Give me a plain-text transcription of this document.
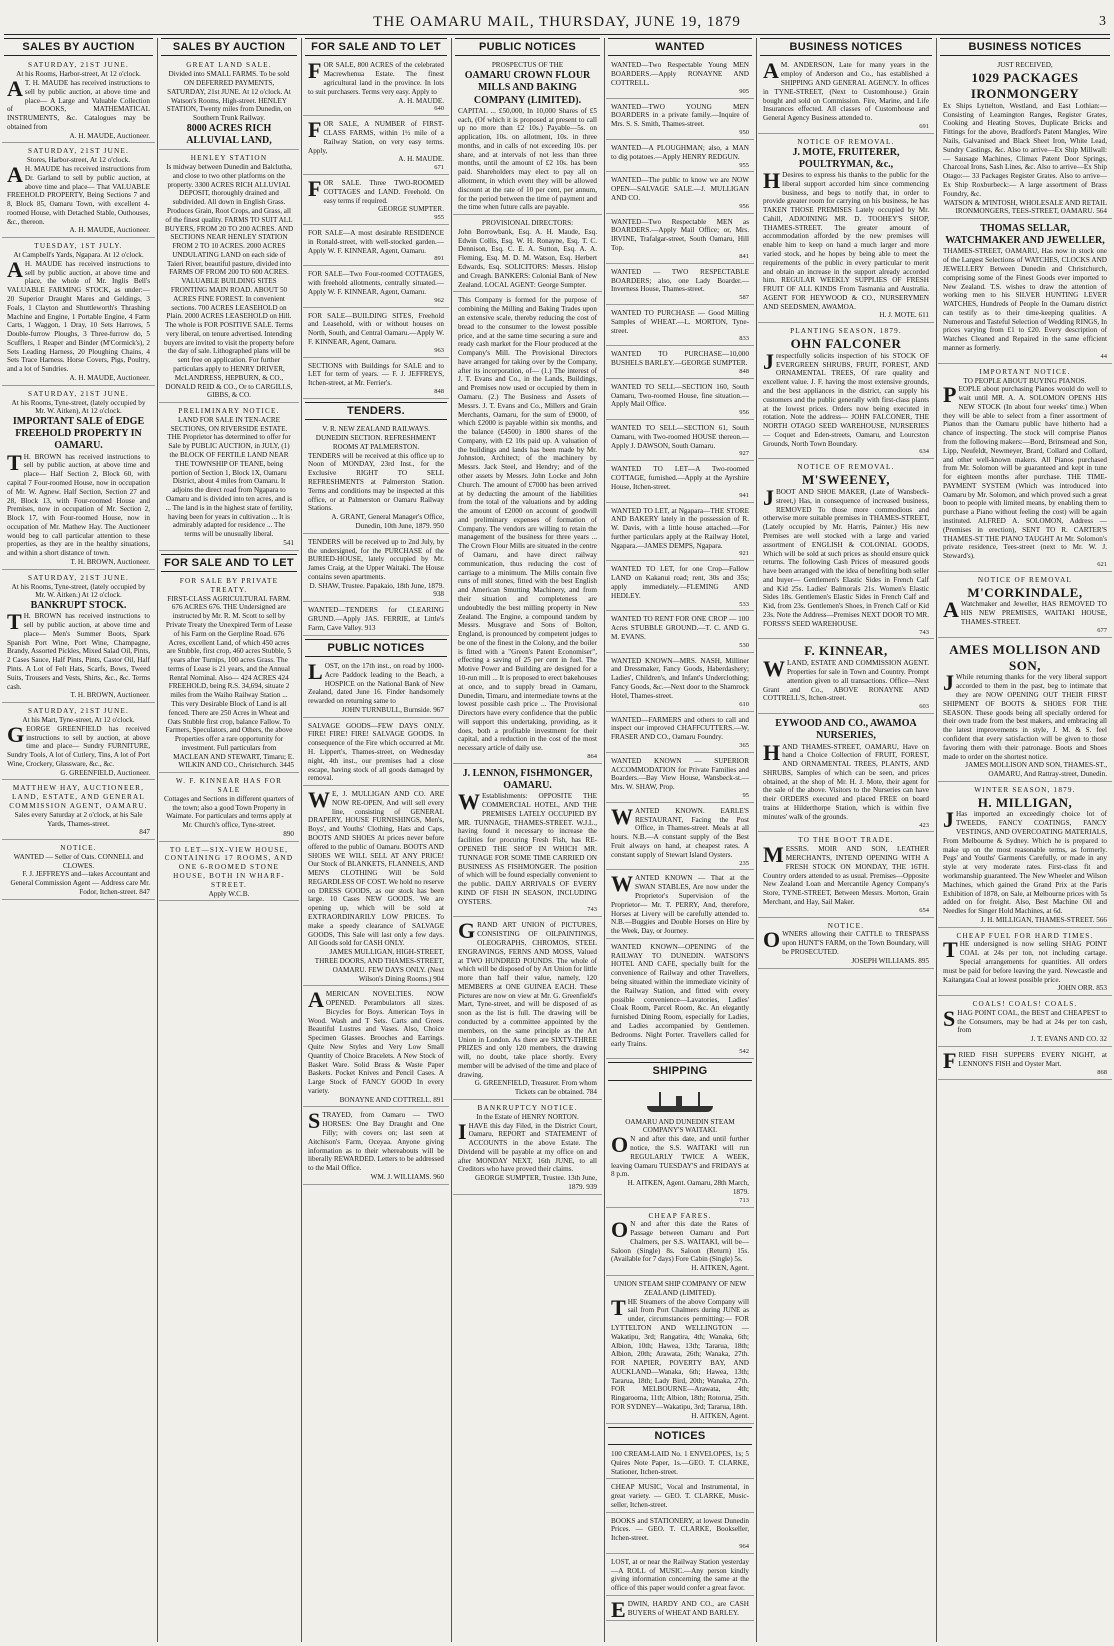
THE OAMARU MAIL, THURSDAY, JUNE 19, 1879	3
SALES BY AUCTION

SATURDAY, 21ST JUNE.

At his Rooms, Harbor-street, At 12 o'clock.

A T. H. MAUDE has received instructions to sell by public auction, at above time and place— A Large and Valuable Collection of BOOKS, MATHEMATICAL INSTRUMENTS, &c. Catalogues may be obtained from

A. H. MAUDE, Auctioneer.

SATURDAY, 21ST JUNE.

Stores, Harbor-street, At 12 o'clock.

A H. MAUDE has received instructions from Dr. Garland to sell by public auction, at above time and place— That VALUABLE FREEHOLD PROPERTY, Being Sections 7 and 8, Block 85, Oamaru Town, with excellent 4-roomed House, with Detached Stable, Outhouses, &c., thereon.

A. H. MAUDE, Auctioneer.

TUESDAY, 1ST JULY.

At Campbell's Yards, Ngapara. At 12 o'clock.

A H. MAUDE has received instructions to sell by public auction, at above time and place, the whole of Mr. Inglis Bell's VALUABLE FARMING STOCK, as under:— 20 Superior Draught Mares and Geldings, 3 Foals, 1 Clayton and Shuttleworth's Thrashing Machine and Engine, 1 Portable Engine, 4 Farm Carts, 1 Waggon, 1 Dray, 10 Sets Harrows, 5 Double-furrow Ploughs, 3 Three-furrow do, 5 Scufflers, 1 Reaper and Binder (M'Cormick's), 2 Sets Leading Harness, 20 Ploughing Chains, 4 Sets Trace Harness. Horse Covers, Pigs, Poultry, and a lot of Sundries.

A. H. MAUDE, Auctioneer.

SATURDAY, 21ST JUNE.

At his Rooms, Tyne-street, (lately occupied by Mr. W. Aitken), At 12 o'clock.

IMPORTANT SALE of EDGE FREEHOLD PROPERTY IN OAMARU.

T H. BROWN has received instructions to sell by public auction, at above time and place— Half Section 2, Block 60, with capital 7 Four-roomed House, now in occupation of Mr. W. Agnew. Half Section, Section 27 and 28, Block 13, with Four-roomed House and Premises, now in occupation of Mr. Section 2, Block 17, with Four-roomed House, now in occupation of Mr. Mathew Hay. The Auctioneer would beg to call particular attention to these properties, as they are in the healthy situations, and within a short distance of town.

T. H. BROWN, Auctioneer.

SATURDAY, 21ST JUNE.

At his Rooms, Tyne-street, (lately occupied by Mr. W. Aitken.) At 12 o'clock.

BANKRUPT STOCK.

T H. BROWN has received instructions to sell by public auction, at above time and place— Men's Summer Boots, Spark Spanish Port Wine, Port Wine, Champagne, Brandy, Assorted Pickles, Mixed Salad Oil, Pints, 2 Cases Sauce, Half Pints, Pints, Castor Oil, Half Pints. A Lot of Felt Hats, Scarfs, Bows, Tweed Suits, Trousers and Vests, Shirts, &c., &c. Terms cash.

T. H. BROWN, Auctioneer.

SATURDAY, 21ST JUNE.

At his Mart, Tyne-street, At 12 o'clock.

GEORGE GREENFIELD has received instructions to sell by auction, at above time and place— Sundry FURNITURE, Sundry Tools, A lot of Cutlery, Tins, A lot of Port Wine, Crockery, Glassware, &c., &c.

G. GREENFIELD, Auctioneer.

MATTHEW HAY, AUCTIONEER, LAND, ESTATE, AND GENERAL COMMISSION AGENT, OAMARU.

Sales every Saturday at 2 o'clock, at his Sale Yards, Thames-street.

847

NOTICE.

WANTED — Seller of Oats. CONNELL and CLOWES.

F. J. JEFFREYS and—takes Accountant and General Commission Agent — Address care Mr. Fodor, Itchen-street. 847

SALES BY AUCTION

GREAT LAND SALE.

Divided into SMALL FARMS. To be sold ON DEFERRED PAYMENTS, SATURDAY, 21st JUNE. At 12 o'clock. At Watson's Rooms, High-street. HENLEY STATION, Twenty miles from Dunedin, on Southern Trunk Railway.

8000 ACRES RICH ALLUVIAL LAND,

HENLEY STATION

Is midway between Dunedin and Balclutha, and close to two other platforms on the property. 3300 ACRES RICH ALLUVIAL DEPOSIT, thoroughly drained and subdivided. All down in English Grass. Produces Grain, Root Crops, and Grass, all of the finest quality. FARMS TO SUIT ALL BUYERS, FROM 20 TO 200 ACRES. AND SECTIONS NEAR HENLEY STATION FROM 2 TO 10 ACRES. 2000 ACRES UNDULATING LAND on each side of Taieri River, beautiful pasture, divided into FARMS OF FROM 200 TO 600 ACRES. VALUABLE BUILDING SITES FRONTING MAIN ROAD. ABOUT 50 ACRES FINE FOREST. In convenient sections. 700 ACRES LEASEHOLD on Plain. 2000 ACRES LEASEHOLD on Hill. The whole is FOR POSITIVE SALE. Terms very liberal, on tenure advertised. Intending buyers are invited to visit the property before the day of sale. Lithographed plans will be sent free on application. For further particulars apply to HENRY DRIVER, McLANDRESS, HEPBURN, & CO., DONALD REID & CO., Or to CARGILLS, GIBBS, & CO.

PRELIMINARY NOTICE.

LAND FOR SALE IN TEN-ACRE SECTIONS, ON RIVERSIDE ESTATE. THE Proprietor has determined to offer for Sale by PUBLIC AUCTION, in JULY, (1) the BLOCK OF FERTILE LAND NEAR THE TOWNSHIP OF TEANE, being portion of Section 1, Block 1X, Oamaru District, about 4 miles from Oamaru. It adjoins the direct road from Ngapara to Oamaru and is divided into ten acres, and is ... The land is in the highest state of fertility, having been for years in cultivation ... It is admirably adapted for residence ... The terms will be unusually liberal.

541

FOR SALE AND TO LET

FOR SALE BY PRIVATE TREATY.

FIRST-CLASS AGRICULTURAL FARM. 676 ACRES 676. THE Undersigned are instructed by Mr. R. M. Scott to sell by Private Treaty the Unexpired Term of Lease of his Farm on the Gerpline Road. 676 Acres, excellent Land, of which 450 acres are Stubble, first crop, 460 acres Stubble, 5 years after Turnips, 100 acres Grass. The terms of Lease is 21 years, and the Annual Rental Nominal. Also— 424 ACRES 424 FREEHOLD, being R.S. 34,694, situate 2 miles from the Waiho Railway Station ... This very Desirable Block of Land is all fenced. There are 250 Acres in Wheat and Oats Stubble first crop, balance Fallow. To Farmers, Speculators, and Others, the above Properties offer a rare opportunity for investment. Full particulars from

MACLEAN AND STEWART, Timaru; E. WILKIN AND CO., Christchurch. 3445

W. F. KINNEAR HAS FOR SALE

Cottages and Sections in different quarters of the town; also a good Town Property in Waimate. For particulars and terms apply at Mr. Church's office, Tyne-street.

890

TO LET—SIX-VIEW HOUSE, CONTAINING 17 ROOMS, AND ONE 6-ROOMED STONE HOUSE, BOTH IN WHARF-STREET.

Apply W.C.B.

FOR SALE AND TO LET

FOR SALE, 800 ACRES of the celebrated Macrewhenua Estate. The finest agricultural land in the province. In lots to suit purchasers. Terms very easy. Apply to

A. H. MAUDE.

640

FOR SALE, A NUMBER of FIRST-CLASS FARMS, within 1½ mile of a Railway Station, on very easy terms. Apply,

A. H. MAUDE.

671

FOR SALE. Three TWO-ROOMED COTTAGES and LAND. Freehold. On easy terms if required.

GEORGE SUMPTER.

955

FOR SALE—A most desirable RESIDENCE in Ronald-street, with well-stocked garden.—Apply W. F. KINNEAR, Agent, Oamaru.

891

FOR SALE—Two Four-roomed COTTAGES, with freehold allotments, centrally situated.—Apply W. F. KINNEAR, Agent, Oamaru.

962

FOR SALE—BUILDING SITES, Freehold and Leasehold, with or without houses on North, South, and Central Oamaru.—Apply W. F. KINNEAR, Agent, Oamaru.

963

SECTIONS with Buildings for SALE and to LET for term of years. — F. J. JEFFREYS, Itchen-street, at Mr. Ferrier's.

848

TENDERS.

V. R. NEW ZEALAND RAILWAYS. DUNEDIN SECTION. REFRESHMENT ROOMS AT PALMERSTON.

TENDERS will be received at this office up to Noon of MONDAY, 23rd Inst., for the Exclusive RIGHT TO SELL REFRESHMENTS at Palmerston Station. Terms and conditions may be inspected at this office, or at Palmerston or Oamaru Railway Stations.

A. GRANT, General Manager's Office, Dunedin, 10th June, 1879. 950

TENDERS will be received up to 2nd July, by the undersigned, for the PURCHASE of the BURIED-HOUSE, lately occupied by Mr. James Craig, at the Upper Waitaki. The House contains seven apartments.

D. SHAW, Trustee. Papakaio, 18th June, 1879. 938

WANTED—TENDERS for CLEARING GRUND.—Apply JAS. FERRIE, at Little's Farm, Cave Valley. 913

PUBLIC NOTICES

LOST, on the 17th inst., on road by 1000-Acre Paddock leading to the Beach, a HOSPICE on the National Bank of New Zealand, dated June 16. Finder handsomely rewarded on returning same to

JOHN TURNBULL, Burnside. 967

SALVAGE GOODS—FEW DAYS ONLY. FIRE! FIRE! FIRE! SALVAGE GOODS. In consequence of the Fire which occurred at Mr. H. Lippert's, Thames-street, on Wednesday night, 4th inst., our premises had a close escape, having stock of all goods damaged by removal.

W E, J. MULLIGAN AND CO. ARE NOW RE-OPEN, And will sell every line, consisting of GENERAL DRAPERY, HOUSE FURNISHINGS, Men's, Boys', and Youths' Clothing, Hats and Caps, BOOTS AND SHOES At prices never before offered to the public of Oamaru. BOOTS AND SHOES WE WILL SELL AT ANY PRICE! Our Stock of BLANKETS, FLANNELS, AND MEN'S CLOTHING Will be Sold REGARDLESS OF COST. We hold no reserve on DRESS GOODS, as our stock has been large. 10 Cases NEW GOODS. We are opening up, which will be sold at EXTRAORDINARILY LOW PRICES. To make a speedy clearance of SALVAGE GOODS, This Sale will last only a few days. All Goods sold for CASH ONLY.

JAMES MULLIGAN, HIGH-STREET, THREE DOORS, AND THAMES-STREET, OAMARU. FEW DAYS ONLY. (Next Wilson's Dining Rooms.) 904

AMERICAN NOVELTIES. NOW OPENED. Perambulators all sizes. Bicycles for Boys. American Toys in Wood. Wash and T Sets. Carts and Grees. Beautiful Lustres and Vases. Also, Choice Specimen Glasses. Brooches and Earrings. Quite New Styles and Very Low Small Quantity of Choice Bracelets. A New Stock of Basket Ware. Solid Brass & Waste Paper Baskets. Pocket Knives and Pencil Cases. A Large Stock of FANCY GOOD In every variety.

BONAYNE AND COTTRELL. 891

STRAYED, from Oamaru — TWO HORSES: One Bay Draught and One Filly; with covers on; last seen at Aitchison's Farm, Oceyaa. Anyone giving information as to their whereabouts will be liberally REWARDED. Letters to be addressed to the Mail Office.

WM. J. WILLIAMS. 960

PUBLIC NOTICES

PROSPECTUS OF THE

OAMARU CROWN FLOUR MILLS AND BAKING COMPANY (LIMITED).

CAPITAL ... £50,000, In 10,000 Shares of £5 each, (Of which it is proposed at present to call up no more than £2 10s.) Payable—5s. on application, 10s. on allotment, 10s. in three months, and in calls of not exceeding 10s. per share, and at intervals of not less than three months, until the amount of £2 10s. has been paid. Shareholders may elect to pay all on allotment, in which event they will be allowed discount at the rate of 10 per cent, per annum, for the period between the time of payment and the time when future calls are payable.

PROVISIONAL DIRECTORS:

John Borrowbank, Esq. A. H. Maude, Esq. Edwin Collis, Esq. W. H. Ronayne, Esq. T. C. Dennison, Esq. C. E. A. Sutton, Esq. A. A. Fleming, Esq. M. D. M. Watson, Esq. Herbert Edwards, Esq. SOLICITORS: Messrs. Hislop and Creagh. BANKERS: Colonial Bank of New Zealand. LOCAL AGENT: George Sumpter.

This Company is formed for the purpose of combining the Milling and Baking Trades upon an extensive scale, thereby reducing the cost of bread to the consumer to the lowest possible price, and at the same time securing a sure and ready cash market for the Flour produced at the Company's Mill. The Provisional Directors have arranged for taking over by the Company, after its incorporation, of— (1.) The interest of J. T. Evans and Co., in the Lands, Buildings, and Premises now used or occupied by them in Oamaru. (2.) The Business and Assets of Messrs. J. T. Evans and Co., Millers and Grain Merchants, Oamaru, for the sum of £9000, of which £2000 is payable within six months, and the balance (£4500) in 1800 shares of the Company, with £2 10s paid up. A valuation of the buildings and lands has been made by Mr. Johnston, Architect; of the machinery by Messrs. Jack Steel, and Hendry; and of the other assets by Messrs. John Locke and John Church. The amount of £7000 has been arrived at by deducting the amount of the liabilities from the total of the valuations and by adding the amount of £2000 on account of goodwill and preliminary expenses of formation of Company. The vendors are willing to retain the management of the business for three years ... The Crown Flour Mills are situated in the centre of Oamaru, and have direct railway communication, thus reducing the cost of carriage to a minimum. The Mills contain five runs of mill stones, fitted with the best English and American Smutting Machinery, and from their situation and completeness are undoubtedly the best milling property in New Zealand. The Engine, a compound tandem by Messrs. Musgrave and Sons of Bolton, England, is pronounced by competent judges to be one of the finest in the Colony, and the boiler is fitted with a "Green's Patent Economiser", effecting a saving of 25 per cent in fuel. The Motive Power and Building are designed for a 10-run mill ... It is proposed to erect bakehouses at once, and to supply bread in Oamaru, Dunedin, Timaru, and intermediate towns at the lowest possible cash price ... The Provisional Directors have every confidence that the public will support this undertaking, providing, as it does, both a profitable investment for their capital, and a reduction in the cost of the most necessary article of daily use.

864

J. LENNON, FISHMONGER, OAMARU.

W Establishments: OPPOSITE THE COMMERCIAL HOTEL, AND THE PREMISES LATELY OCCUPIED BY MR. TUNNAGE, THAMES-STREET. W.J.L., having found it necessary to increase the facilities for procuring Fresh Fish, has RE-OPENED THE SHOP IN WHICH MR. TUNNAGE FOR SOME TIME CARRIED ON BUSINESS AS FISHMONGER. The position of which will be found especially convenient to the public. DAILY ARRIVALS OF EVERY KIND OF FISH IN SEASON, INCLUDING OYSTERS.

743

GRAND ART UNION of PICTURES, CONSISTING OF OILPAINTINGS, OLEOGRAPHS, CHROMOS, STEEL ENGRAVINGS, FERNS AND MOSS, Valued at TWO HUNDRED POUNDS. The whole of which will be disposed of by Art Union for little more than half their value, namely, 120 MEMBERS at ONE GUINEA EACH. These Pictures are now on view at Mr. G. Greenfield's Mart, Tyne-street, and will be disposed of as soon as the list is full. The drawing will be conducted by a committee appointed by the members, on the same principle as the Art Union in London. As there are SIXTY-THREE PRIZES and only 120 members, the drawing will, no doubt, take place shortly. Every member will be advised of the time and place of drawing.

G. GREENFIELD, Treasurer. From whom Tickets can be obtained. 784

BANKRUPTCY NOTICE.

In the Estate of HENRY NORTON.

IHAVE this day Filed, in the District Court, Oamaru, REPORT and STATEMENT of ACCOUNTS in the above Estate. The Dividend will be payable at my office on and after MONDAY NEXT, 16th JUNE, to all Creditors who have proved their claims.

GEORGE SUMPTER, Trustee. 13th June, 1879. 939

WANTED

WANTED—Two Respectable Young MEN BOARDERS.—Apply RONAYNE AND COTTRELL.

905

WANTED—TWO YOUNG MEN BOARDERS in a private family.—Inquire of Mrs. S. S. Smith, Thames-street.

950

WANTED—A PLOUGHMAN; also, a MAN to dig potatoes.—Apply HENRY REDGUN.

955

WANTED—The public to know we are NOW OPEN—SALVAGE SALE.—J. MULLIGAN AND CO.

956

WANTED—Two Respectable MEN as BOARDERS.—Apply Mail Office; or, Mrs. IRVINE, Trafalgar-street, South Oamaru, Hill Top.

841

WANTED — TWO RESPECTABLE BOARDERS; also, one Lady Boarder.—Inverness House, Thames-street.

587

WANTED TO PURCHASE — Good Milling Samples of WHEAT.—L. MORTON, Tyne-street.

833

WANTED TO PURCHASE—10,000 BUSHELS BARLEY.—GEORGE SUMPTER.

848

WANTED TO SELL—SECTION 160, South Oamaru, Two-roomed House, fine situation.—Apply Mail Office.

956

WANTED TO SELL—SECTION 61, South Oamaru, with Two-roomed HOUSE thereon.—Apply J. DAWSON, South Oamaru.

927

WANTED TO LET—A Two-roomed COTTAGE, furnished.—Apply at the Ayrshire House, Itchen-street.

941

WANTED TO LET, at Ngapara—THE STORE AND BAKERY lately in the possession of R. W. Davis, with a little house attached.—For further particulars apply at the Railway Hotel, Ngapara.—JAMES DEMPS, Ngapara.

921

WANTED TO LET, for one Crop—Fallow LAND on Kakanui road; rent, 30s and 35s; apply immediately.—FLEMING AND HEDLEY.

533

WANTED TO RENT FOR ONE CROP — 100 Acres STUBBLE GROUND.—T. C. AND G. M. EVANS.

530

WANTED KNOWN—MRS. NASH, Milliner and Dressmaker, Fancy Goods, Haberdashery; Ladies', Children's, and Infant's Underclothing; Fancy Goods, &c.—Next door to the Shamrock Hotel, Thames-street.

610

WANTED—FARMERS and others to call and inspect our improved CHAFFCUTTERS.—W. FRASER AND CO., Oamaru Foundry.

365

WANTED KNOWN — SUPERIOR ACCOMMODATION for Private Families and Boarders.—Bay View House, Wansbeck-st.—Mrs. W. SHAW, Prop.

95

WANTED KNOWN. EARLE'S RESTAURANT, Facing the Post Office, in Thames-street. Meals at all hours. N.B.—A constant supply of the Best Fruit always on hand, at cheapest rates. A constant supply of Stewart Island Oysters.

235

WANTED KNOWN — That at the SWAN STABLES, Are now under the Proprietor's Supervision of the Proprietor— Mr. T. PERRY, And, therefore, Horses at Livery will be carefully attended to. N.B.—Buggies and Double Horses on Hire by the Week, Day, or Journey.

WANTED KNOWN—OPENING of the RAILWAY TO DUNEDIN. WATSON'S HOTEL AND CAFE, specially built for the convenience of Railway and other Travellers, being situated within the immediate vicinity of the Railway Station, and fitted with every possible convenience—Lavatories, Ladies' Cloak Room, Parcel Room, &c. An elegantly furnished Dining Room, especially for Ladies, and Ladies accompanied by Gentlemen. Bedrooms. Night Porter. Travellers called for early Trains.

542

SHIPPING

OAMARU AND DUNEDIN STEAM COMPANY'S WAITAKI.

O N and after this date, and until further notice, the S.S. WAITAKI will run REGULARLY TWICE A WEEK, leaving Oamaru TUESDAY'S and FRIDAYS at 8 p.m.

H. AITKEN, Agent. Oamaru, 28th March, 1879.

713

CHEAP FARES.

O N and after this date the Rates of Passage between Oamaru and Port Chalmers, per S.S. WAITAKI, will be— Saloon (Single) 8s. Saloon (Return) 15s. (Available for 7 days) Fore Cabin (Single) 5s.

H. AITKEN, Agent.

UNION STEAM SHIP COMPANY OF NEW ZEALAND (LIMITED).

THE Steamers of the above Company will sail from Port Chalmers during JUNE as under, circumstances permitting:— FOR LYTTELTON AND WELLINGTON —Wakatipu, 3rd; Rangatira, 4th; Wanaka, 6th; Albion, 10th; Hawea, 13th; Tararua, 18th; Albion, 20th; Arawata, 26th; Wanaka, 27th. FOR NAPIER, POVERTY BAY, AND AUCKLAND—Wanaka, 6th; Hawea, 13th; Tararua, 18th; Lady Bird, 20th; Wanaka, 27th. FOR MELBOURNE—Arawata, 4th; Ringarooma, 11th; Albion, 18th; Rotorua, 25th. FOR SYDNEY—Wakatipu, 3rd; Tararua, 18th.

H. AITKEN, Agent.

NOTICES

100 CREAM-LAID No. 1 ENVELOPES, 1s; 5 Quires Note Paper, 1s.—GEO. T. CLARKE, Stationer, Itchen-street.

CHEAP MUSIC, Vocal and Instrumental, in great variety. — GEO. T. CLARKE, Music-seller, Itchen-street.

BOOKS and STATIONERY, at lowest Dunedin Prices. — GEO. T. CLARKE, Bookseller, Itchen-street.

964

LOST, at or near the Railway Station yesterday—A ROLL of MUSIC.—Any person kindly giving information concerning the same at the office of this paper would confer a great favor.

EDWIN, HARDY AND CO., are CASH BUYERS of WHEAT AND BARLEY.

BUSINESS NOTICES

A M. ANDERSON, Late for many years in the employ of Anderson and Co., has established a SHIPPING AND GENERAL AGENCY. In offices in TYNE-STREET, (Next to Customhouse.) Grain bought and sold on Commission. Fire, Marine, and Life Insurances effected. All classes of Customhouse and General Agency Business attended to.

691

NOTICE OF REMOVAL.

J. MOTE, FRUITERER, POULTRYMAN, &c.,

H Desires to express his thanks to the public for the liberal support accorded him since commencing business, and begs to notify that, in order to provide greater room for carrying on his business, he has TAKEN THOSE PREMISES Lately occupied by Mr. Cahill, ADJOINING MR. D. TOOHEY'S SHOP, THAMES-STREET. The greater amount of accommodation afforded by the new premises will enable him to keep on hand a much larger and more varied stock, and he hopes by being able to meet the requirements of the public in every particular to merit and obtain an increase in the support already accorded him. REGULAR WEEKLY SUPPLIES OF FRESH FRUIT OF ALL KINDS From Tasmania and Australia. AGENT FOR HEYWOOD & CO., NURSERYMEN AND SEEDSMEN, AWAMOA.

H. J. MOTE. 611

PLANTING SEASON, 1879.

OHN FALCONER

Jrespectfully solicits inspection of his STOCK OF EVERGREEN SHRUBS, FRUIT, FOREST, AND ORNAMENTAL TREES, Of rare quality and excellent value. J. F. having the most extensive grounds, and the best appliances in the district, can supply his customers and the public generally with first-class plants at the lowest prices. Orders now being executed in rotation. Note the address— JOHN FALCONER, THE NORTH OTAGO SEED WAREHOUSE, NURSERIES— Coquet and Eden-streets, Oamaru, and Lourcston Grounds, North Town Boundary.

634

NOTICE OF REMOVAL.

M'SWEENEY,

JBOOT AND SHOE MAKER, (Late of Wansbeck-street,) Has, in consequence of increased business, REMOVED To those more commodious and otherwise more suitable premises in THAMES-STREET, (Lately occupied by Mr. Harris, Painter.) His new Premises are well stocked with a large and varied assortment of ENGLISH & COLONIAL GOODS, Which will be sold at such prices as should ensure quick returns. The following Cash Prices of measured goods have been arranged with the idea of benefiting both seller and buyer— Gentlemen's Elastic Sides in French Calf and Kid 25s. Ladies' Balmorals 21s. Women's Elastic Sides 18s. Gentlemen's Elastic Sides in French Calf and Kid, from 23s. Gentlemen's Shoes, in French Calf or Kid 23s. Note the Address—Premises NEXT DOOR TO MR. FORSS'S SEED WAREHOUSE.

743

F. KINNEAR,

WLAND, ESTATE AND COMMISSION AGENT. Properties for sale in Town and Country. Prompt attention given to all transactions. Office—Next Grant and Co., ABOVE RONAYNE AND COTTRELL'S, Itchen-street.

603

EYWOOD AND CO., AWAMOA NURSERIES,

HAND THAMES-STREET, OAMARU, Have on hand a Choice Collection of FRUIT, FOREST, AND ORNAMENTAL TREES, PLANTS, AND SHRUBS, Samples of which can be seen, and prices obtained, at the shop of Mr. H. J. Mote, their agent for the sale of the above. Visitors to the Nurseries can have their ORDERS executed and placed FREE on board trains at Hilderthorpe Station, which is within five minutes' walk of the grounds.

423

TO THE BOOT TRADE.

MESSRS. MOIR AND SON, LEATHER MERCHANTS, INTEND OPENING WITH A FRESH STOCK ON MONDAY, THE 16TH. Country orders attended to as usual. Premises—Opposite New Zealand Loan and Mercantile Agency Company's Store, TYNE-STREET, Between Messrs. Morton, Grain Merchant, and Hay, Sail Maker.

654

NOTICE.

OWNERS allowing their CATTLE to TRESPASS upon HUNT'S FARM, on the Town Boundary, will be PROSECUTED.

JOSEPH WILLIAMS. 895

BUSINESS NOTICES

JUST RECEIVED,

1029 PACKAGES IRONMONGERY

Ex Ships Lyttelton, Westland, and East Lothian:— Consisting of Leamington Ranges, Register Grates, Cooking and Heating Stoves, Duplicate Bricks and Fittings for the above, Bradford's Patent Mangles, Wire Nails, Galvanised and Black Sheet Iron, White Lead, Sundry Castings, &c. Also to arrive—Ex Ship Millwall:— Sausage Machines, Climax Patent Door Springs, Charcoal Irons, Sash Lines, &c. Also to arrive—Ex Ship Otago:— 33 Packages Register Grates. Also to arrive—Ex Ship Roxburbeck:— A large assortment of Brass Foundry, &c.

WATSON & M'INTOSH, WHOLESALE AND RETAIL IRONMONGERS, TEES-STREET, OAMARU. 564

THOMAS SELLAR, WATCHMAKER AND JEWELLER,

THAMES-STREET, OAMARU, Has now in stock one of the Largest Selections of WATCHES, CLOCKS AND JEWELLERY Between Dunedin and Christchurch, comprising some of the Finest Goods ever imported to New Zealand. T.S. wishes to draw the attention of working men to his SILVER HUNTING LEVER WATCHES, Hundreds of People In the Oamaru district can testify as to their time-keeping qualities. A Numerous and Tasteful Selection of Wedding RINGS, In prices varying from £1 to £20. Every description of Watches Cleaned and Repaired in the same efficient manner as formerly.

44

IMPORTANT NOTICE.

TO PEOPLE ABOUT BUYING PIANOS.

PEOPLE about purchasing Pianos would do well to wait until MR. A. A. SOLOMON OPENS HIS NEW STOCK (In about four weeks' time.) When they will be able to select from a finer assortment of Pianos than the Oamaru public have hitherto had a chance of inspecting. The stock will comprise Pianos from the following makers:—Bord, Brinsmead and Son, Lipp, Neufeldt, Newmeyer, Brard, Collard and Collard, and other well-known makers. All Pianos purchased from Mr. Solomon will be guaranteed and kept in tune for eighteen months after purchase. THE TIME-PAYMENT SYSTEM (Which was introduced into Oamaru by Mr. Solomon, and which proved such a great boon to people with limited means, by enabling them to purchase a Piano without feeling the cost) will be again instituted. ALFRED A. SOLOMON, Address —(Premises in erection), SENT TO R. CARTER'S THAMES-ST THE PIANO TAUGHT At Mr. Solomon's private residence, Tees-street (next to Mr. W. J. Steward's).

621

NOTICE OF REMOVAL

M'CORKINDALE,

A Watchmaker and Jeweller, HAS REMOVED TO HIS NEW PREMISES, WAITAKI HOUSE, THAMES-STREET.

677

AMES MOLLISON AND SON,

J While returning thanks for the very liberal support accorded to them in the past, beg to intimate that they are NOW OPENING OUT THEIR FIRST SHIPMENT OF BOOTS & SHOES FOR THE SEASON. These goods being all specially ordered for their own trade from the best makers, and embracing all the latest improvements in style, J. M. & S. feel confident that every satisfaction will be given to those favoring them with their patronage. Boots and Shoes made to order on the shortest notice.

JAMES MOLLISON AND SON, THAMES-ST., OAMARU, And Rattray-street, Dunedin.

WINTER SEASON, 1879.

H. MILLIGAN,

J Has imported an exceedingly choice lot of TWEEDS, FANCY COATINGS, FANCY VESTINGS, AND OVERCOATING MATERIALS, From Melbourne & Sydney. Which he is prepared to make up on the most reasonable terms, as formerly. Pegs' and Youths' Garments Carefully, or made in any style at very moderate rates. First-class fit and workmanship guaranteed. The New Wheeler and Wilson Machines, which gained the Grand Prix at the Paris Exhibition of 1878, on Sale, at Melbourne prices with 5s added on for freight. Also, Best Machine Oil and Needles for Singer Hold Machines, at 6d.

J. H. MILLIGAN, THAMES-STREET. 566

CHEAP FUEL FOR HARD TIMES.

THE undersigned is now selling SHAG POINT COAL at 24s per ton, not including cartage. Special arrangements for quantities. All orders must be paid for before leaving the yard. Newcastle and Kaitangata Coal at lowest possible price.

JOHN ORR. 853

COALS! COALS! COALS.

SHAG POINT COAL, the BEST and CHEAPEST to the Consumers, may be had at 24s per ton cash, from

J. T. EVANS AND CO. 32

FRIED FISH SUPPERS EVERY NIGHT, at LENNON'S FISH and Oyster Mart.

868
